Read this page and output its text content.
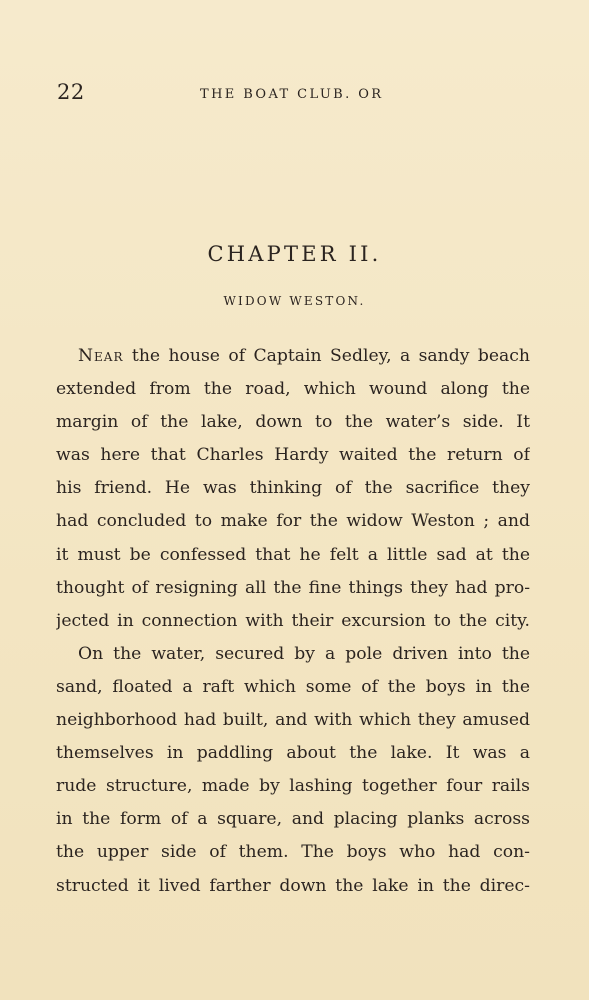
22	THE BOAT CLUB. OR
CHAPTER II.
WIDOW WESTON.
Near the house of Captain Sedley, a sandy beach
extended from the road, which wound along the
margin of the lake, down to the water’s side. It
was here that Charles Hardy waited the return of
his friend. He was thinking of the sacrifice they
had concluded to make for the widow Weston ; and
it must be confessed that he felt a little sad at the
thought of resigning all the fine things they had pro-
jected in connection with their excursion to the city.
On the water, secured by a pole driven into the
sand, floated a raft which some of the boys in the
neighborhood had built, and with which they amused
themselves in paddling about the lake. It was a
rude structure, made by lashing together four rails
in the form of a square, and placing planks across
the upper side of them. The boys who had con-
structed it lived farther down the lake in the direc-
